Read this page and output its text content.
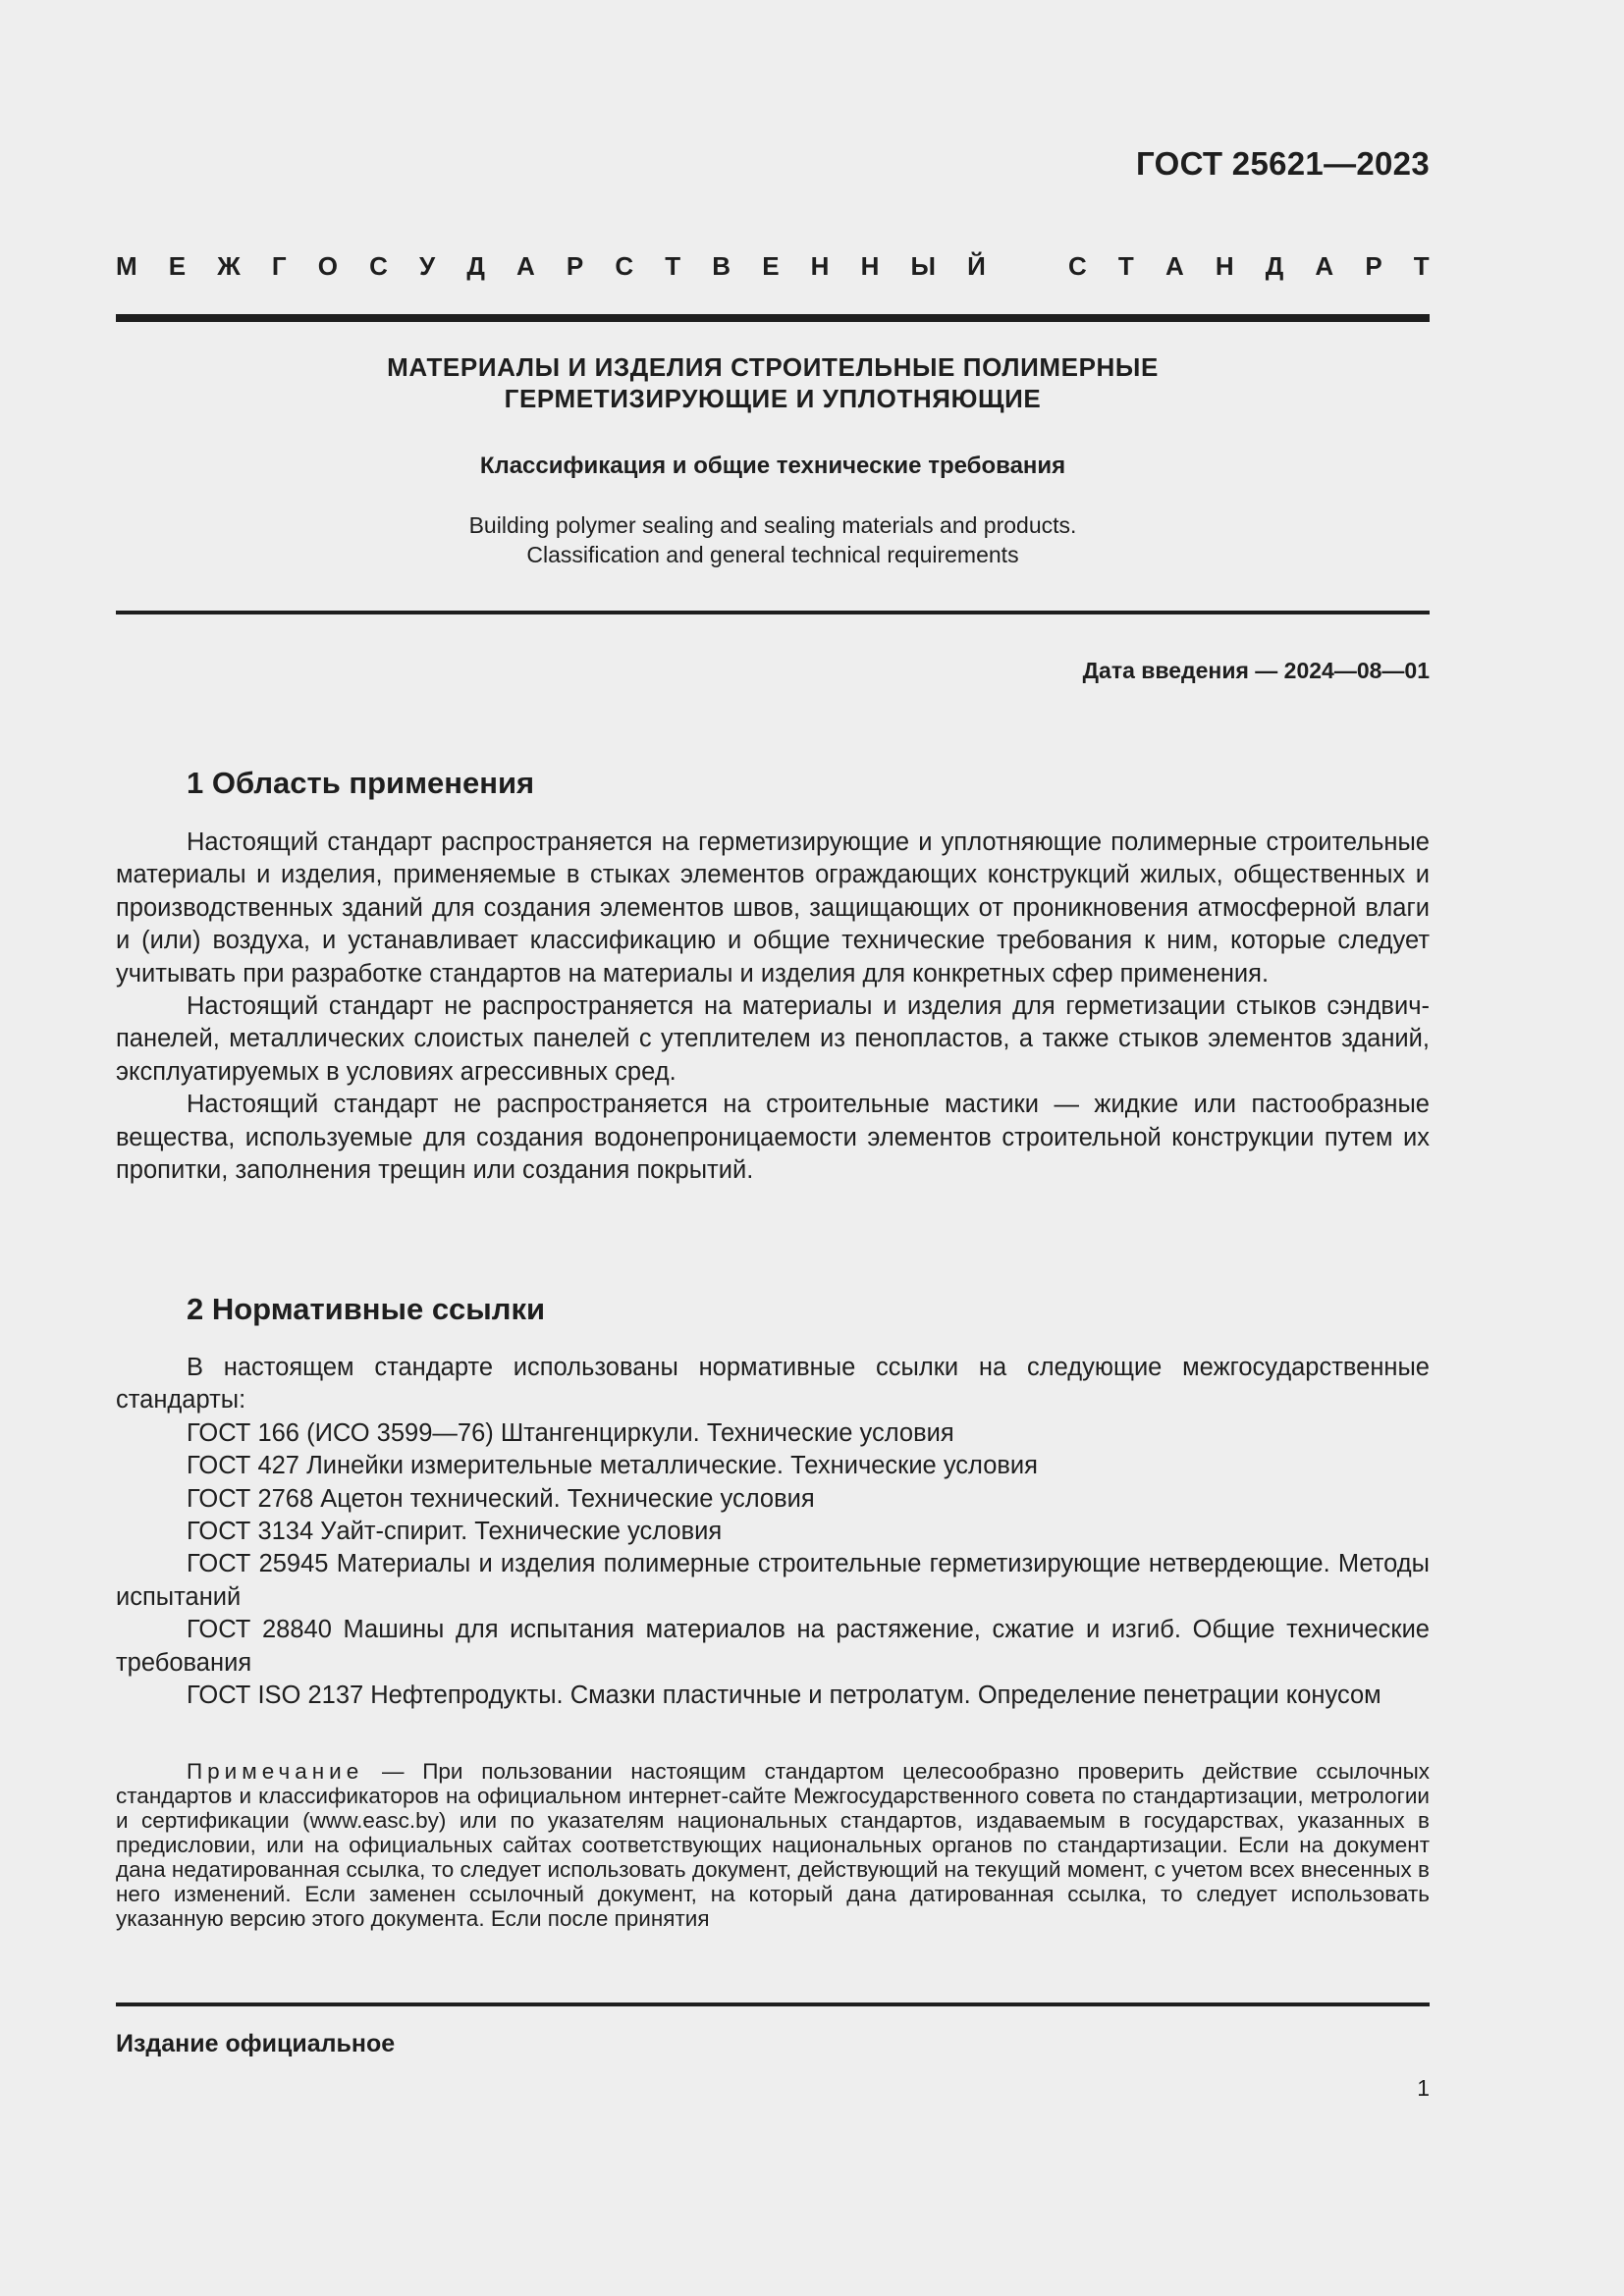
ГОСТ 25621—2023
М Е Ж Г О С У Д А Р С Т В Е Н Н Ы Й	С Т А Н Д А Р Т
МАТЕРИАЛЫ И ИЗДЕЛИЯ СТРОИТЕЛЬНЫЕ ПОЛИМЕРНЫЕ
ГЕРМЕТИЗИРУЮЩИЕ И УПЛОТНЯЮЩИЕ
Классификация и общие технические требования
Building polymer sealing and sealing materials and products.
Classification and general technical requirements
Дата введения — 2024—08—01
1 Область применения

Настоящий стандарт распространяется на герметизирующие и уплотняющие полимерные строительные материалы и изделия, применяемые в стыках элементов ограждающих конструкций жилых, общественных и производственных зданий для создания элементов швов, защищающих от проникновения атмосферной влаги и (или) воздуха, и устанавливает классификацию и общие технические требования к ним, которые следует учитывать при разработке стандартов на материалы и изделия для конкретных сфер применения.

Настоящий стандарт не распространяется на материалы и изделия для герметизации стыков сэндвич-панелей, металлических слоистых панелей с утеплителем из пенопластов, а также стыков элементов зданий, эксплуатируемых в условиях агрессивных сред.

Настоящий стандарт не распространяется на строительные мастики — жидкие или пастообразные вещества, используемые для создания водонепроницаемости элементов строительной конструкции путем их пропитки, заполнения трещин или создания покрытий.

2 Нормативные ссылки

В настоящем стандарте использованы нормативные ссылки на следующие межгосударственные стандарты:

ГОСТ 166 (ИСО 3599—76) Штангенциркули. Технические условия

ГОСТ 427 Линейки измерительные металлические. Технические условия

ГОСТ 2768 Ацетон технический. Технические условия

ГОСТ 3134 Уайт-спирит. Технические условия

ГОСТ 25945 Материалы и изделия полимерные строительные герметизирующие нетвердеющие. Методы испытаний

ГОСТ 28840 Машины для испытания материалов на растяжение, сжатие и изгиб. Общие технические требования

ГОСТ ISO 2137 Нефтепродукты. Смазки пластичные и петролатум. Определение пенетрации конусом

Примечание — При пользовании настоящим стандартом целесообразно проверить действие ссылочных стандартов и классификаторов на официальном интернет-сайте Межгосударственного совета по стандартизации, метрологии и сертификации (www.easc.by) или по указателям национальных стандартов, издаваемым в государствах, указанных в предисловии, или на официальных сайтах соответствующих национальных органов по стандартизации. Если на документ дана недатированная ссылка, то следует использовать документ, действующий на текущий момент, с учетом всех внесенных в него изменений. Если заменен ссылочный документ, на который дана датированная ссылка, то следует использовать указанную версию этого документа. Если после принятия
Издание официальное
1
